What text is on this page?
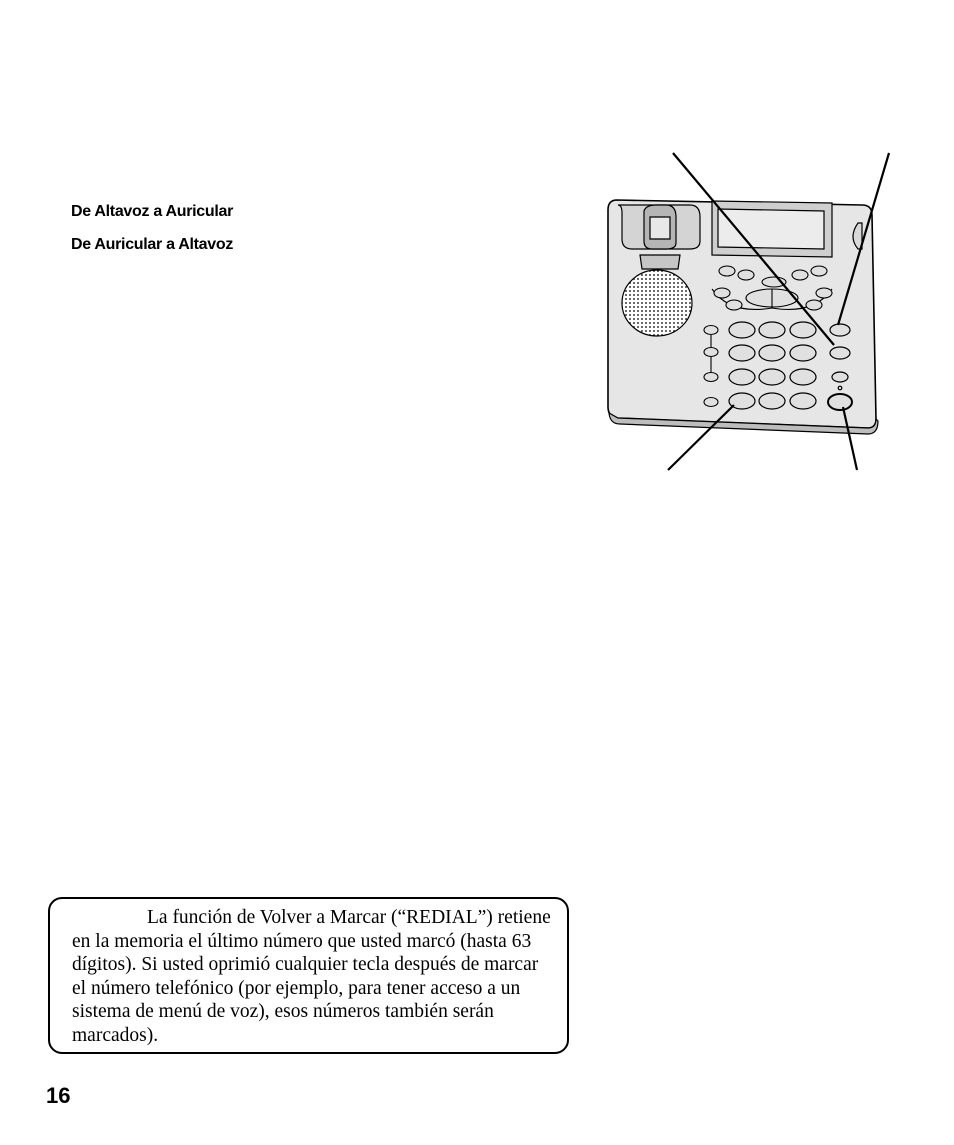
De Altavoz a Auricular
De Auricular a Altavoz

La función de Volver a Marcar (“REDIAL”) retiene en la memoria el último número que usted marcó (hasta 63 dígitos). Si usted oprimió cualquier tecla después de marcar el número telefónico (por ejemplo, para tener acceso a un sistema de menú de voz), esos números también serán marcados).

16
